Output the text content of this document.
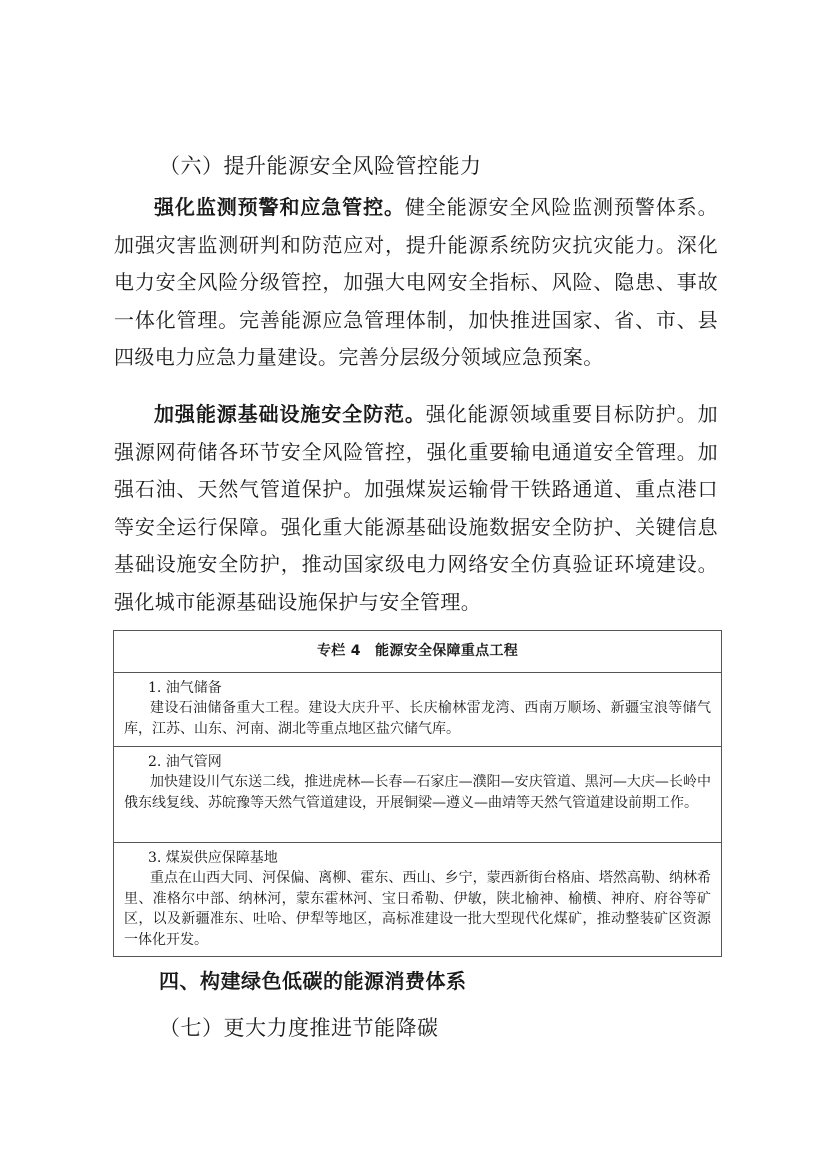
（六）提升能源安全风险管控能力

强化监测预警和应急管控。健全能源安全风险监测预警体系。加强灾害监测研判和防范应对，提升能源系统防灾抗灾能力。深化电力安全风险分级管控，加强大电网安全指标、风险、隐患、事故一体化管理。完善能源应急管理体制，加快推进国家、省、市、县四级电力应急力量建设。完善分层级分领域应急预案。

加强能源基础设施安全防范。强化能源领域重要目标防护。加强源网荷储各环节安全风险管控，强化重要输电通道安全管理。加强石油、天然气管道保护。加强煤炭运输骨干铁路通道、重点港口等安全运行保障。强化重大能源基础设施数据安全防护、关键信息基础设施安全防护，推动国家级电力网络安全仿真验证环境建设。强化城市能源基础设施保护与安全管理。

专栏 4　能源安全保障重点工程
1. 油气储备

建设石油储备重大工程。建设大庆升平、长庆榆林雷龙湾、西南万顺场、新疆宝浪等储气库，江苏、山东、河南、湖北等重点地区盐穴储气库。

2. 油气管网

加快建设川气东送二线，推进虎林—长春—石家庄—濮阳—安庆管道、黑河—大庆—长岭中俄东线复线、苏皖豫等天然气管道建设，开展铜梁—遵义—曲靖等天然气管道建设前期工作。

3. 煤炭供应保障基地

重点在山西大同、河保偏、离柳、霍东、西山、乡宁，蒙西新街台格庙、塔然高勒、纳林希里、准格尔中部、纳林河，蒙东霍林河、宝日希勒、伊敏，陕北榆神、榆横、神府、府谷等矿区，以及新疆准东、吐哈、伊犁等地区，高标准建设一批大型现代化煤矿，推动整装矿区资源一体化开发。

四、构建绿色低碳的能源消费体系
（七）更大力度推进节能降碳
